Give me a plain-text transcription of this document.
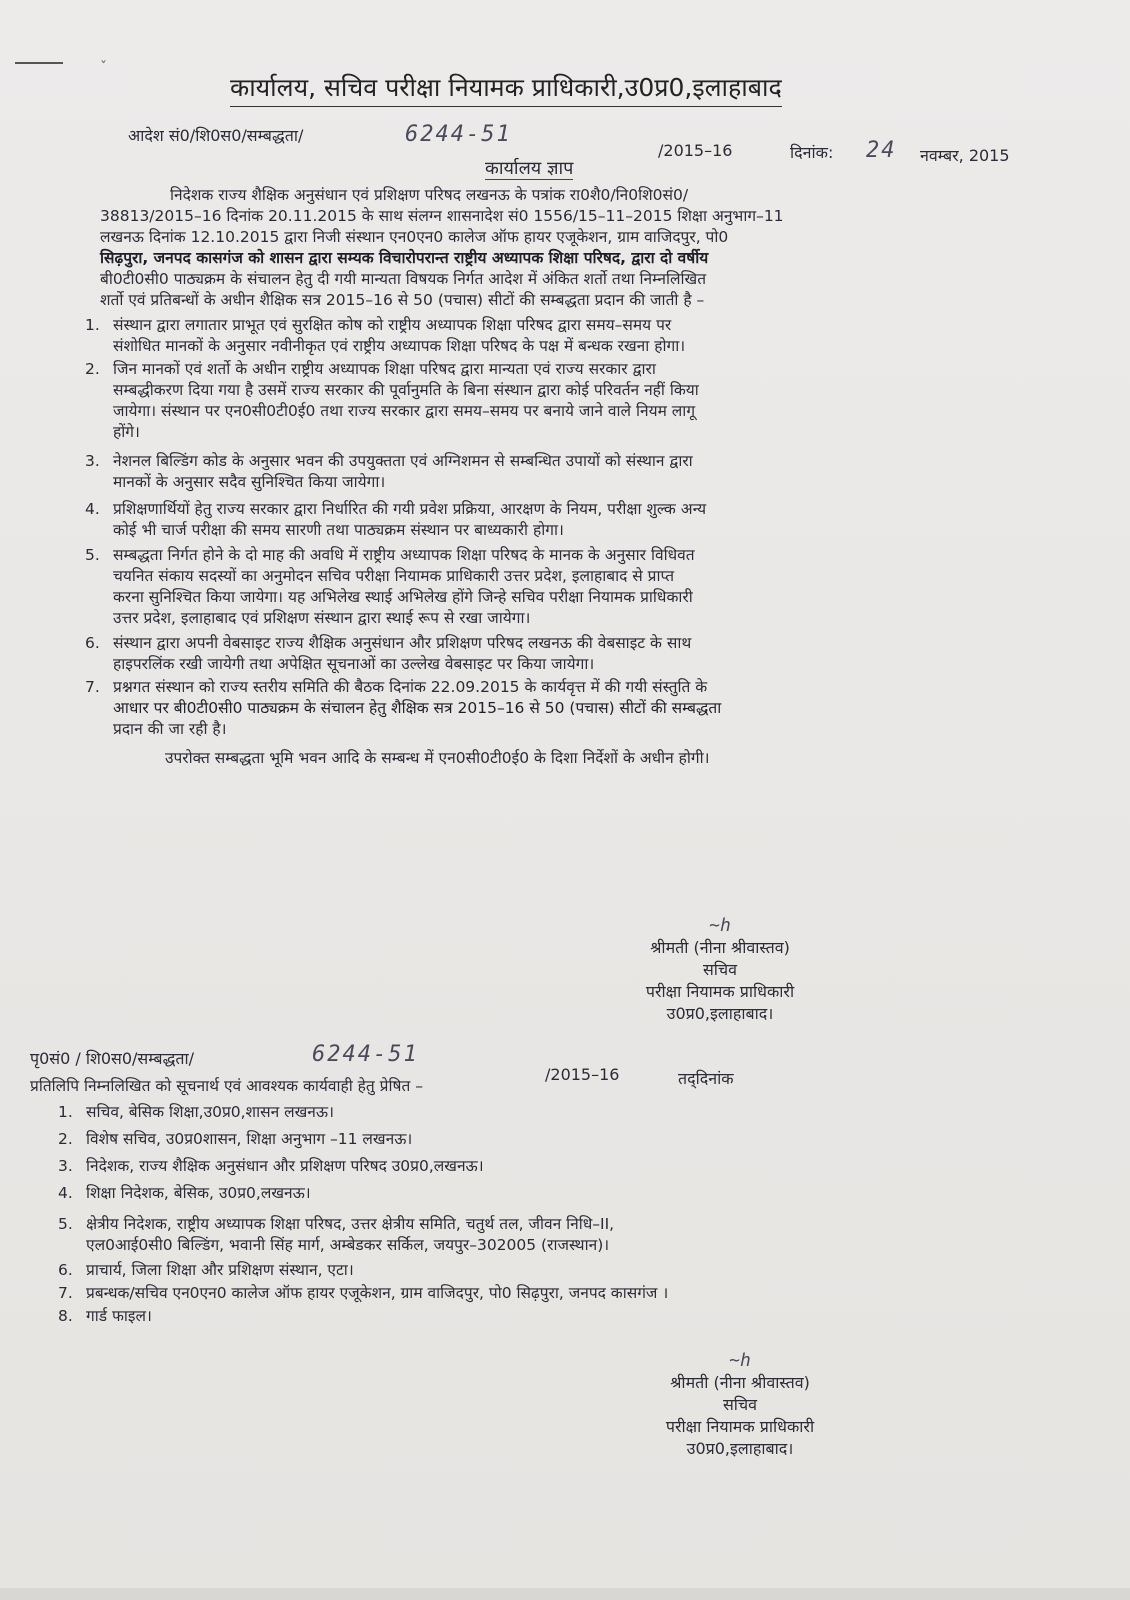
ˇ
कार्यालय, सचिव परीक्षा नियामक प्राधिकारी,उ0प्र0,इलाहाबाद
आदेश सं0/शि0स0/सम्बद्धता/	6244-51
/2015–16	दिनांक: 24 नवम्बर, 2015
कार्यालय ज्ञाप
निदेशक राज्य शैक्षिक अनुसंधान एवं प्रशिक्षण परिषद लखनऊ के पत्रांक रा0शै0/नि0शि0सं0/
38813/2015–16 दिनांक 20.11.2015 के साथ संलग्न शासनादेश सं0 1556/15–11–2015 शिक्षा अनुभाग–11
लखनऊ दिनांक 12.10.2015 द्वारा निजी संस्थान एन0एन0 कालेज ऑफ हायर एजूकेशन, ग्राम वाजिदपुर, पो0
सिढ़पुरा, जनपद कासगंज को शासन द्वारा सम्यक विचारोपरान्त राष्ट्रीय अध्यापक शिक्षा परिषद, द्वारा दो वर्षीय
बी0टी0सी0 पाठ्यक्रम के संचालन हेतु दी गयी मान्यता विषयक निर्गत आदेश में अंकित शर्तो तथा निम्नलिखित
शर्तो एवं प्रतिबन्धों के अधीन शैक्षिक सत्र 2015–16 से 50 (पचास) सीटों की सम्बद्धता प्रदान की जाती है –
1. संस्थान द्वारा लगातार प्राभूत एवं सुरक्षित कोष को राष्ट्रीय अध्यापक शिक्षा परिषद द्वारा समय–समय पर
संशोधित मानकों के अनुसार नवीनीकृत एवं राष्ट्रीय अध्यापक शिक्षा परिषद के पक्ष में बन्धक रखना होगा।
2. जिन मानकों एवं शर्तो के अधीन राष्ट्रीय अध्यापक शिक्षा परिषद द्वारा मान्यता एवं राज्य सरकार द्वारा
सम्बद्धीकरण दिया गया है उसमें राज्य सरकार की पूर्वानुमति के बिना संस्थान द्वारा कोई परिवर्तन नहीं किया
जायेगा। संस्थान पर एन0सी0टी0ई0 तथा राज्य सरकार द्वारा समय–समय पर बनाये जाने वाले नियम लागू
होंगे।
3. नेशनल बिल्डिंग कोड के अनुसार भवन की उपयुक्तता एवं अग्निशमन से सम्बन्धित उपायों को संस्थान द्वारा
मानकों के अनुसार सदैव सुनिश्चित किया जायेगा।
4. प्रशिक्षणार्थियों हेतु राज्य सरकार द्वारा निर्धारित की गयी प्रवेश प्रक्रिया, आरक्षण के नियम, परीक्षा शुल्क अन्य
कोई भी चार्ज परीक्षा की समय सारणी तथा पाठ्यक्रम संस्थान पर बाध्यकारी होगा।
5. सम्बद्धता निर्गत होने के दो माह की अवधि में राष्ट्रीय अध्यापक शिक्षा परिषद के मानक के अनुसार विधिवत
चयनित संकाय सदस्यों का अनुमोदन सचिव परीक्षा नियामक प्राधिकारी उत्तर प्रदेश, इलाहाबाद से प्राप्त
करना सुनिश्चित किया जायेगा। यह अभिलेख स्थाई अभिलेख होंगे जिन्हे सचिव परीक्षा नियामक प्राधिकारी
उत्तर प्रदेश, इलाहाबाद एवं प्रशिक्षण संस्थान द्वारा स्थाई रूप से रखा जायेगा।
6. संस्थान द्वारा अपनी वेबसाइट राज्य शैक्षिक अनुसंधान और प्रशिक्षण परिषद लखनऊ की वेबसाइट के साथ
हाइपरलिंक रखी जायेगी तथा अपेक्षित सूचनाओं का उल्लेख वेबसाइट पर किया जायेगा।
7. प्रश्नगत संस्थान को राज्य स्तरीय समिति की बैठक दिनांक 22.09.2015 के कार्यवृत्त में की गयी संस्तुति के
आधार पर बी0टी0सी0 पाठ्यक्रम के संचालन हेतु शैक्षिक सत्र 2015–16 से 50 (पचास) सीटों की सम्बद्धता
प्रदान की जा रही है।
उपरोक्त सम्बद्धता भूमि भवन आदि के सम्बन्ध में एन0सी0टी0ई0 के दिशा निर्देशों के अधीन होगी।
~h
श्रीमती (नीना श्रीवास्तव)
सचिव
परीक्षा नियामक प्राधिकारी
उ0प्र0,इलाहाबाद।
पृ0सं0 / शि0स0/सम्बद्धता/	6244-51
/2015–16	तद्‌दिनांक
प्रतिलिपि निम्नलिखित को सूचनार्थ एवं आवश्यक कार्यवाही हेतु प्रेषित –
1. सचिव, बेसिक शिक्षा,उ0प्र0,शासन लखनऊ।
2. विशेष सचिव, उ0प्र0शासन, शिक्षा अनुभाग –11 लखनऊ।
3. निदेशक, राज्य शैक्षिक अनुसंधान और प्रशिक्षण परिषद उ0प्र0,लखनऊ।
4. शिक्षा निदेशक, बेसिक, उ0प्र0,लखनऊ।
5. क्षेत्रीय निदेशक, राष्ट्रीय अध्यापक शिक्षा परिषद, उत्तर क्षेत्रीय समिति, चतुर्थ तल, जीवन निधि–II,
एल0आई0सी0 बिल्डिंग, भवानी सिंह मार्ग, अम्बेडकर सर्किल, जयपुर–302005 (राजस्थान)।
6. प्राचार्य, जिला शिक्षा और प्रशिक्षण संस्थान, एटा।
7. प्रबन्धक/सचिव एन0एन0 कालेज ऑफ हायर एजूकेशन, ग्राम वाजिदपुर, पो0 सिढ़पुरा, जनपद कासगंज ।
8. गार्ड फाइल।
~h
श्रीमती (नीना श्रीवास्तव)
सचिव
परीक्षा नियामक प्राधिकारी
उ0प्र0,इलाहाबाद।
